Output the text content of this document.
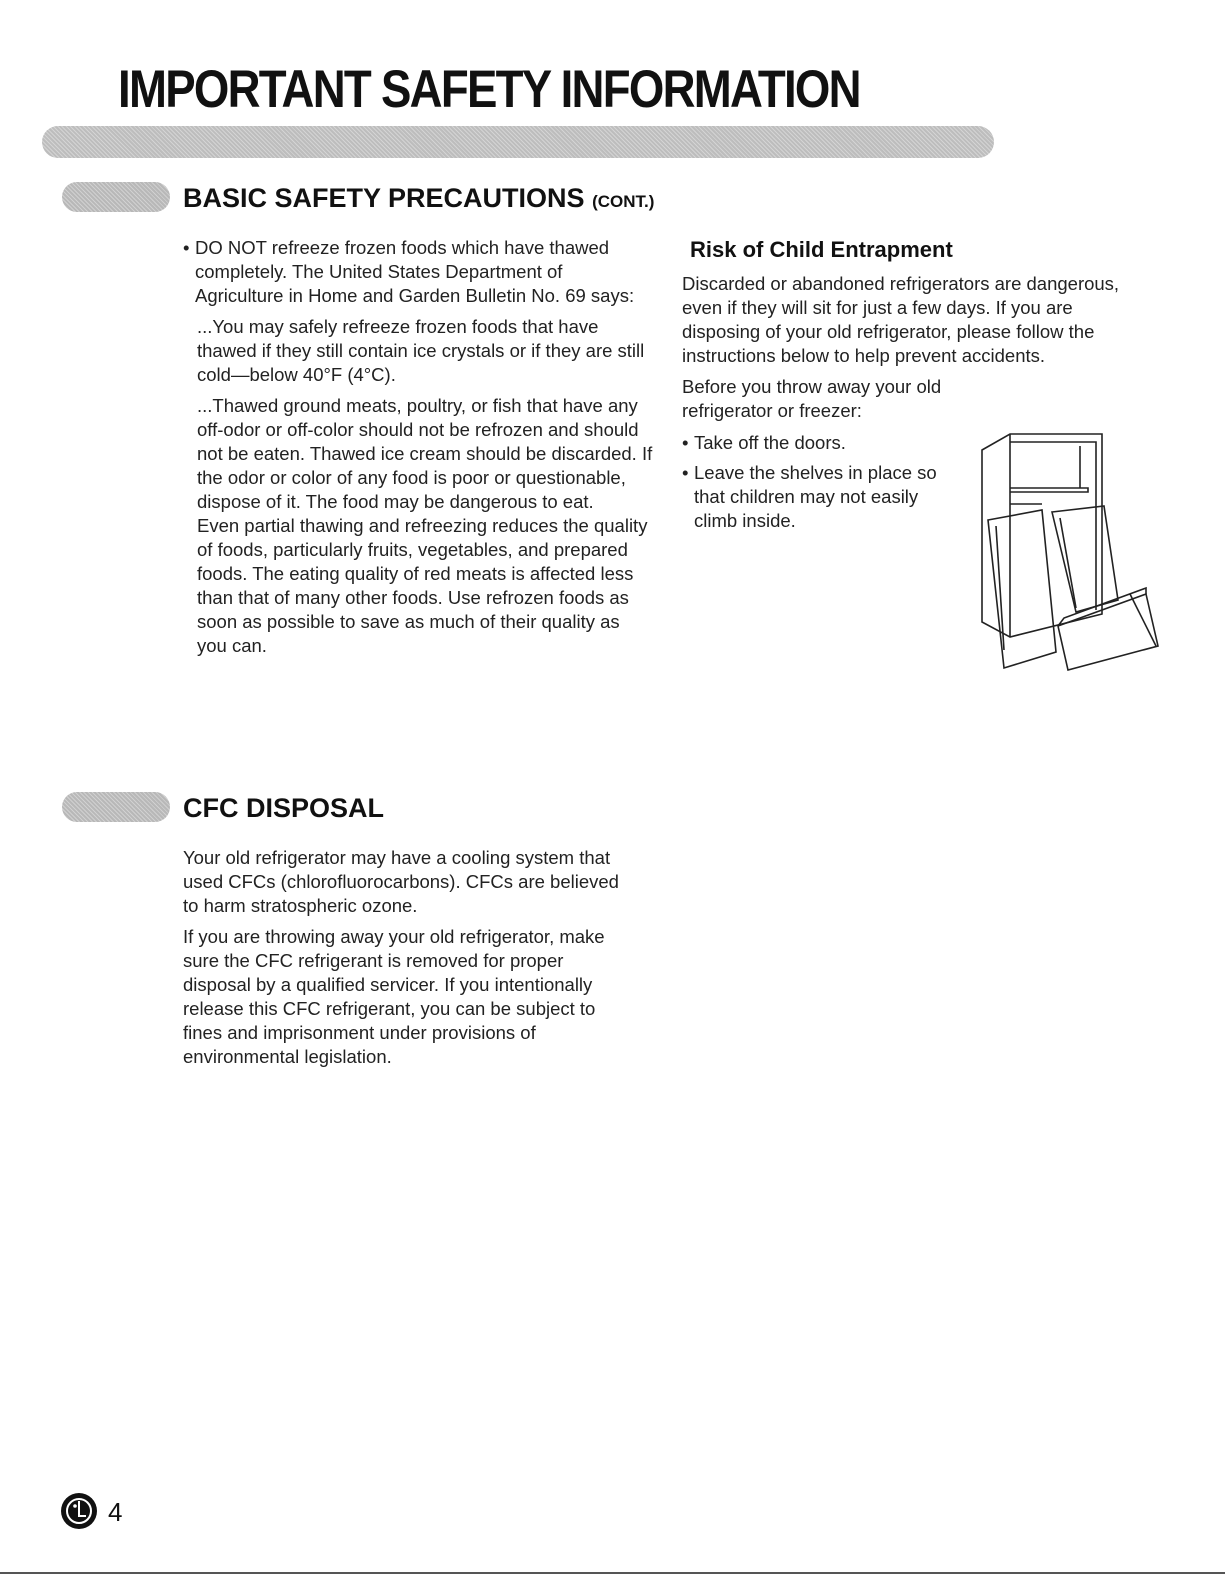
IMPORTANT SAFETY INFORMATION
BASIC SAFETY PRECAUTIONS (CONT.)
• DO NOT refreeze frozen foods which have thawed completely. The United States Department of Agriculture in Home and Garden Bulletin No. 69 says:

...You may safely refreeze frozen foods that have thawed if they still contain ice crystals or if they are still cold—below 40°F (4°C).

...Thawed ground meats, poultry, or fish that have any off-odor or off-color should not be refrozen and should not be eaten. Thawed ice cream should be discarded. If the odor or color of any food is poor or questionable, dispose of it. The food may be dangerous to eat.

Even partial thawing and refreezing reduces the quality of foods, particularly fruits, vegetables, and prepared foods. The eating quality of red meats is affected less than that of many other foods. Use refrozen foods as soon as possible to save as much of their quality as you can.

Risk of Child Entrapment

Discarded or abandoned refrigerators are dangerous, even if they will sit for just a few days. If you are disposing of your old refrigerator, please follow the instructions below to help prevent accidents.

Before you throw away your old refrigerator or freezer:

• Take off the doors.
• Leave the shelves in place so that children may not easily climb inside.
CFC DISPOSAL

Your old refrigerator may have a cooling system that used CFCs (chlorofluorocarbons). CFCs are believed to harm stratospheric ozone.

If you are throwing away your old refrigerator, make sure the CFC refrigerant is removed for proper disposal by a qualified servicer. If you intentionally release this CFC refrigerant, you can be subject to fines and imprisonment under provisions of environmental legislation.

4
